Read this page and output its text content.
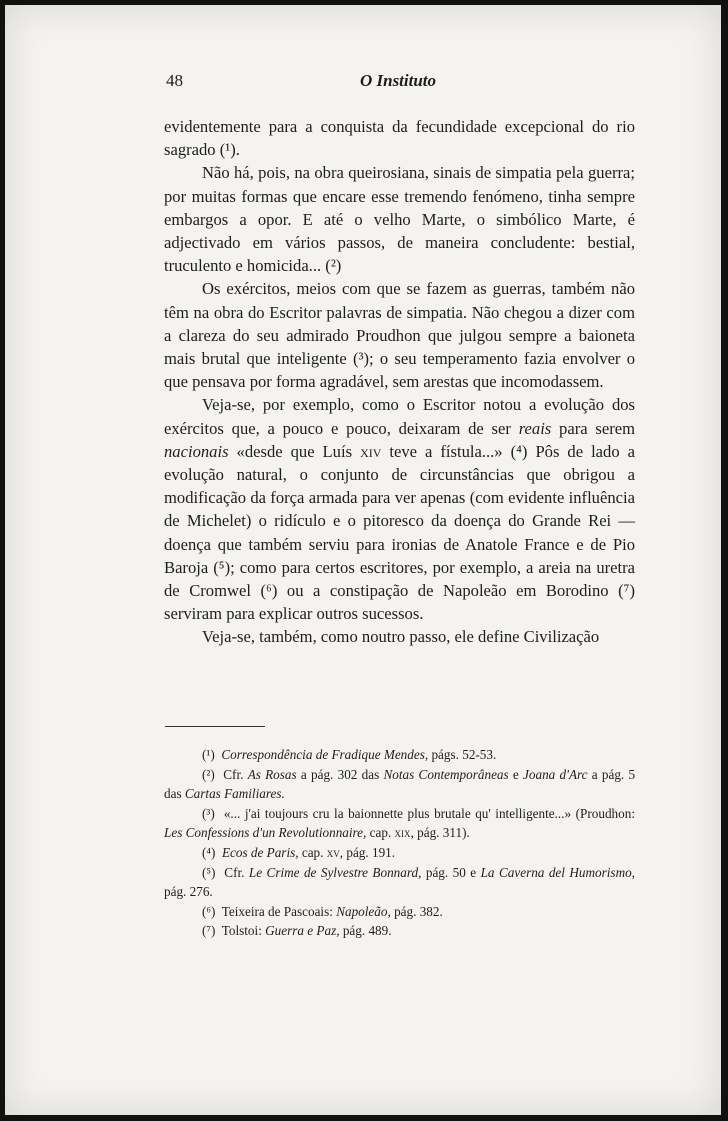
48	O Instituto

evidentemente para a conquista da fecundidade excepcional do rio sagrado (¹).

Não há, pois, na obra queirosiana, sinais de simpatia pela guerra; por muitas formas que encare esse tremendo fenómeno, tinha sempre embargos a opor. E até o velho Marte, o simbólico Marte, é adjectivado em vários passos, de maneira concludente: bestial, truculento e homicida... (²)

Os exércitos, meios com que se fazem as guerras, também não têm na obra do Escritor palavras de simpatia. Não chegou a dizer com a clareza do seu admirado Proudhon que julgou sempre a baioneta mais brutal que inteligente (³); o seu temperamento fazia envolver o que pensava por forma agradável, sem arestas que incomodassem.

Veja-se, por exemplo, como o Escritor notou a evolução dos exércitos que, a pouco e pouco, deixaram de ser reais para serem nacionais «desde que Luís xiv teve a fístula...» (⁴) Pôs de lado a evolução natural, o conjunto de circunstâncias que obrigou a modificação da força armada para ver apenas (com evidente influência de Michelet) o ridículo e o pitoresco da doença do Grande Rei — doença que também serviu para ironias de Anatole France e de Pio Baroja (⁵); como para certos escritores, por exemplo, a areia na uretra de Cromwel (⁶) ou a constipação de Napoleão em Borodino (⁷) serviram para explicar outros sucessos.

Veja-se, também, como noutro passo, ele define Civilização

(¹) Correspondência de Fradique Mendes, págs. 52-53.

(²) Cfr. As Rosas a pág. 302 das Notas Contemporâneas e Joana d'Arc a pág. 5 das Cartas Familiares.

(³) «... j'ai toujours cru la baionnette plus brutale qu' intelligente...» (Proudhon: Les Confessions d'un Revolutionnaire, cap. xix, pág. 311).

(⁴) Ecos de Paris, cap. xv, pág. 191.

(⁵) Cfr. Le Crime de Sylvestre Bonnard, pág. 50 e La Caverna del Humorismo, pág. 276.

(⁶) Teixeira de Pascoais: Napoleão, pág. 382.

(⁷) Tolstoi: Guerra e Paz, pág. 489.
